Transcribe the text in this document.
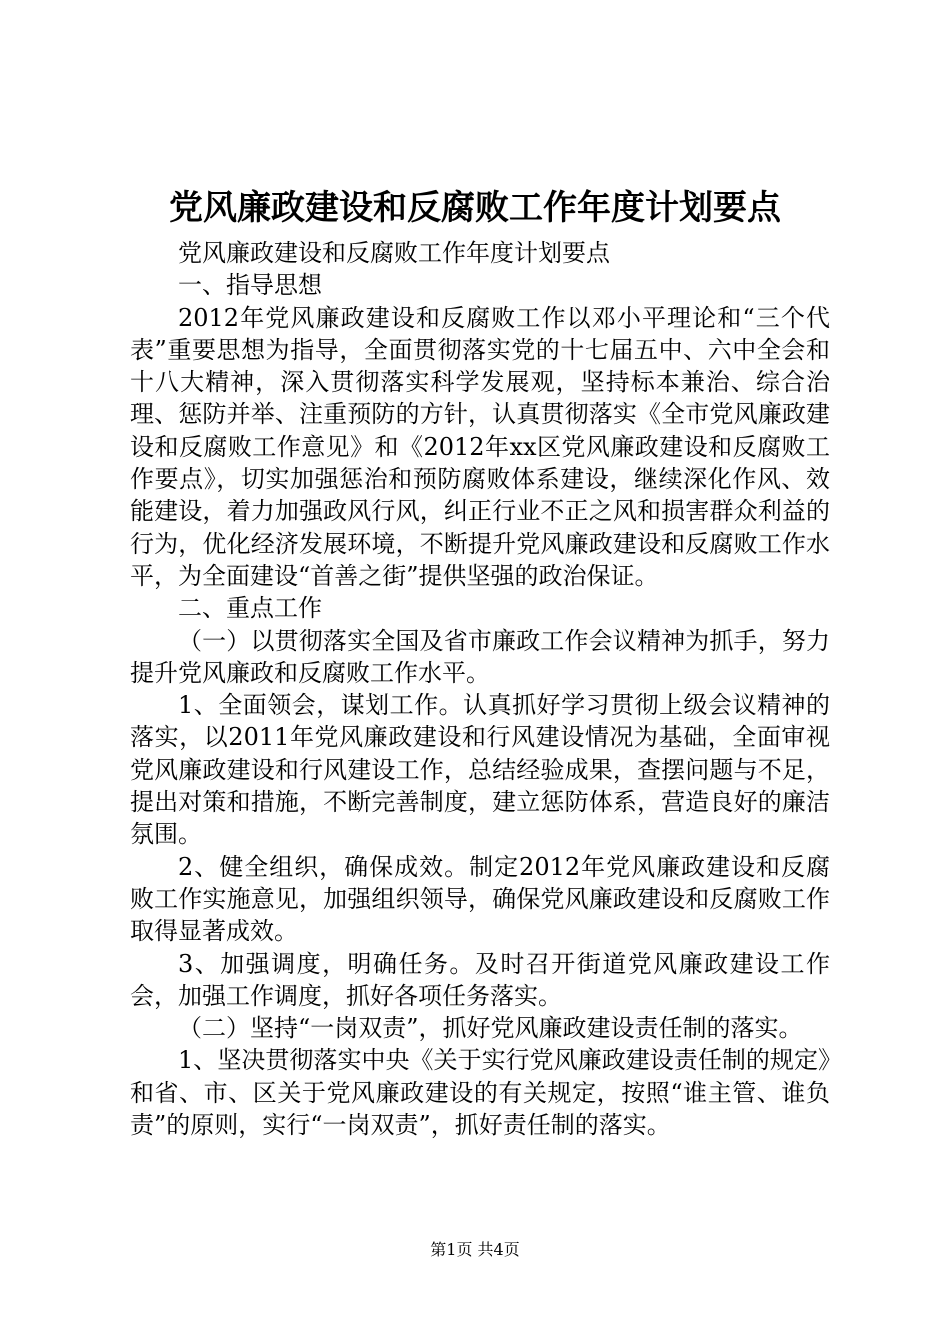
党风廉政建设和反腐败工作年度计划要点

党风廉政建设和反腐败工作年度计划要点

一、指导思想

2012年党风廉政建设和反腐败工作以邓小平理论和“三个代表”重要思想为指导，全面贯彻落实党的十七届五中、六中全会和十八大精神，深入贯彻落实科学发展观，坚持标本兼治、综合治理、惩防并举、注重预防的方针，认真贯彻落实《全市党风廉政建设和反腐败工作意见》和《2012年xx区党风廉政建设和反腐败工作要点》，切实加强惩治和预防腐败体系建设，继续深化作风、效能建设，着力加强政风行风，纠正行业不正之风和损害群众利益的行为，优化经济发展环境，不断提升党风廉政建设和反腐败工作水平，为全面建设“首善之街”提供坚强的政治保证。

二、重点工作

（一）以贯彻落实全国及省市廉政工作会议精神为抓手，努力提升党风廉政和反腐败工作水平。

1、全面领会，谋划工作。认真抓好学习贯彻上级会议精神的落实，以2011年党风廉政建设和行风建设情况为基础，全面审视党风廉政建设和行风建设工作，总结经验成果，查摆问题与不足，提出对策和措施，不断完善制度，建立惩防体系，营造良好的廉洁氛围。

2、健全组织，确保成效。制定2012年党风廉政建设和反腐败工作实施意见，加强组织领导，确保党风廉政建设和反腐败工作取得显著成效。

3、加强调度，明确任务。及时召开街道党风廉政建设工作会，加强工作调度，抓好各项任务落实。

（二）坚持“一岗双责”，抓好党风廉政建设责任制的落实。

1、坚决贯彻落实中央《关于实行党风廉政建设责任制的规定》和省、市、区关于党风廉政建设的有关规定，按照“谁主管、谁负责”的原则，实行“一岗双责”，抓好责任制的落实。

第1页 共4页
